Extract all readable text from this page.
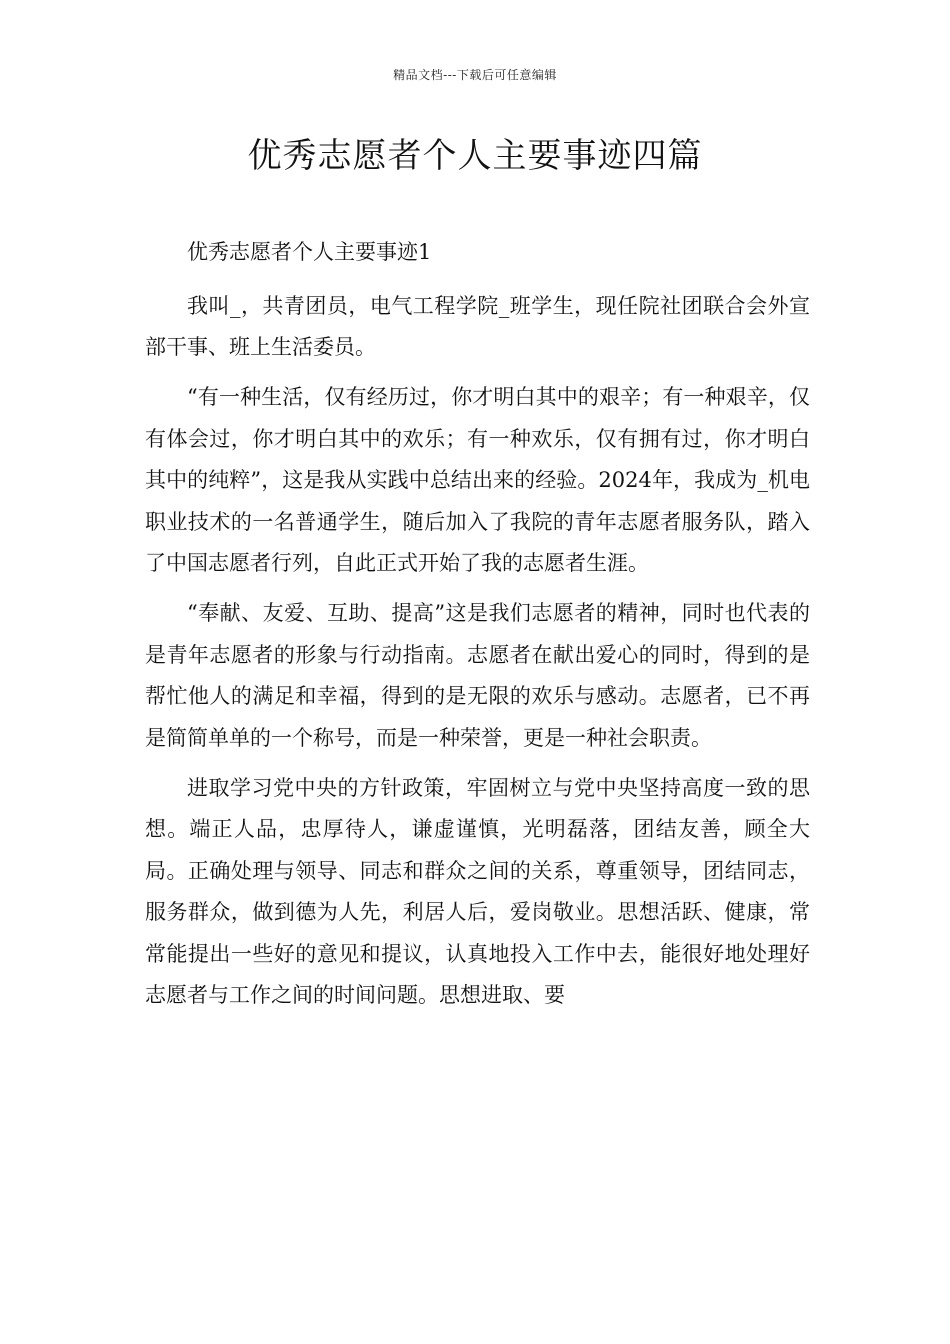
精品文档---下载后可任意编辑
优秀志愿者个人主要事迹四篇

优秀志愿者个人主要事迹1

我叫_，共青团员，电气工程学院_班学生，现任院社团联合会外宣部干事、班上生活委员。

“有一种生活，仅有经历过，你才明白其中的艰辛；有一种艰辛，仅有体会过，你才明白其中的欢乐；有一种欢乐，仅有拥有过，你才明白其中的纯粹”，这是我从实践中总结出来的经验。2024年，我成为_机电职业技术的一名普通学生，随后加入了我院的青年志愿者服务队，踏入了中国志愿者行列，自此正式开始了我的志愿者生涯。

“奉献、友爱、互助、提高”这是我们志愿者的精神，同时也代表的是青年志愿者的形象与行动指南。志愿者在献出爱心的同时，得到的是帮忙他人的满足和幸福，得到的是无限的欢乐与感动。志愿者，已不再是简简单单的一个称号，而是一种荣誉，更是一种社会职责。

进取学习党中央的方针政策，牢固树立与党中央坚持高度一致的思想。端正人品，忠厚待人，谦虚谨慎，光明磊落，团结友善，顾全大局。正确处理与领导、同志和群众之间的关系，尊重领导，团结同志，服务群众，做到德为人先，利居人后，爱岗敬业。思想活跃、健康，常常能提出一些好的意见和提议，认真地投入工作中去，能很好地处理好志愿者与工作之间的时间问题。思想进取、要
